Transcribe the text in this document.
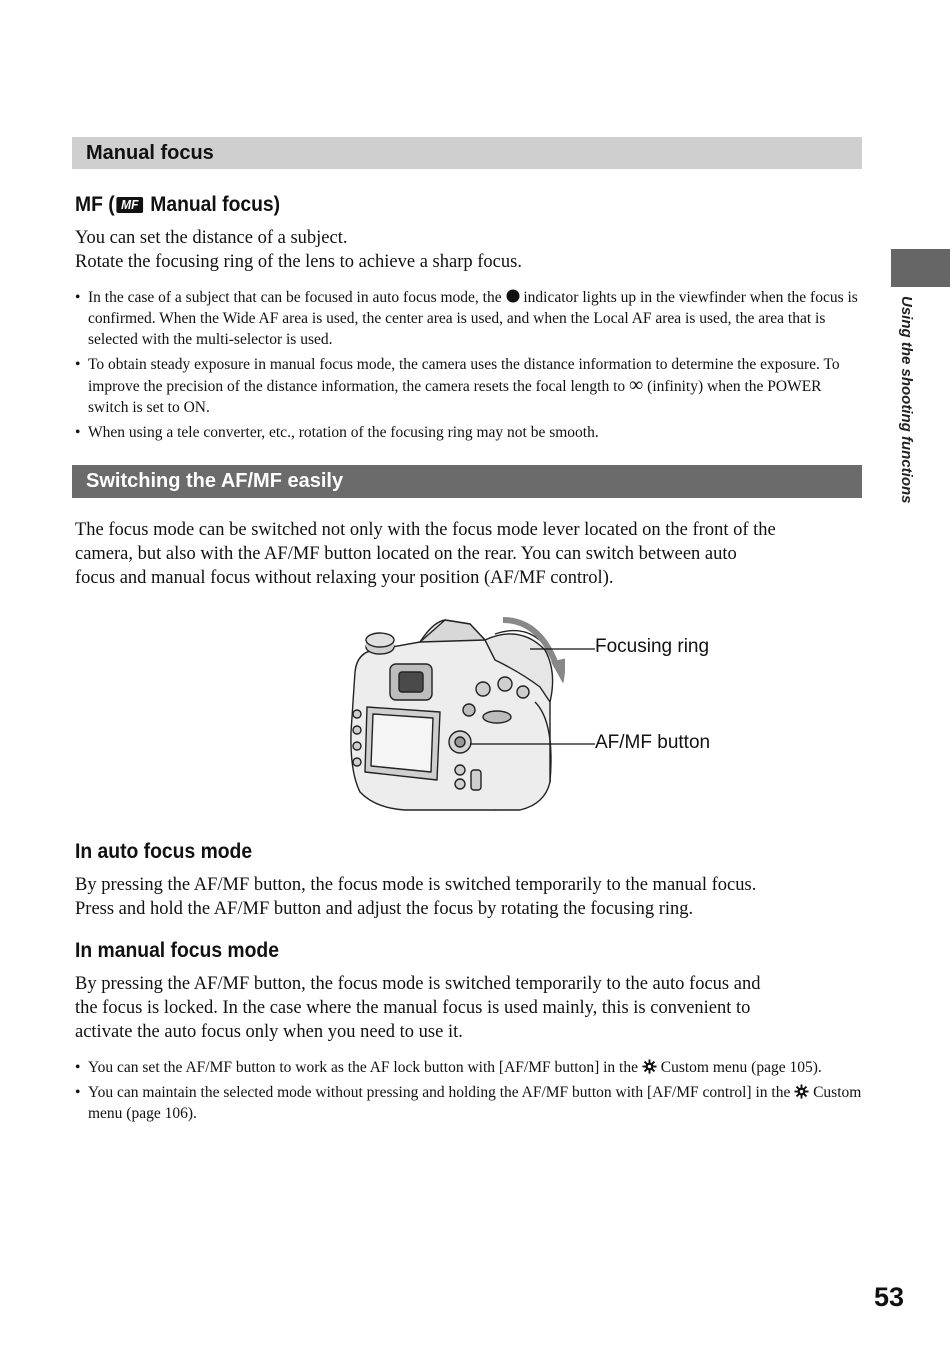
Manual focus
MF ( MF Manual focus)
You can set the distance of a subject.
Rotate the focusing ring of the lens to achieve a sharp focus.
• In the case of a subject that can be focused in auto focus mode, the  indicator lights up in the viewfinder when the focus is confirmed. When the Wide AF area is used, the center area is used, and when the Local AF area is used, the area that is selected with the multi-selector is used.
• To obtain steady exposure in manual focus mode, the camera uses the distance information to determine the exposure. To improve the precision of the distance information, the camera resets the focal length to ∞ (infinity) when the POWER switch is set to ON.
• When using a tele converter, etc., rotation of the focusing ring may not be smooth.
Switching the AF/MF easily
The focus mode can be switched not only with the focus mode lever located on the front of the
camera, but also with the AF/MF button located on the rear. You can switch between auto
focus and manual focus without relaxing your position (AF/MF control).
Focusing ring
AF/MF button
In auto focus mode
By pressing the AF/MF button, the focus mode is switched temporarily to the manual focus.
Press and hold the AF/MF button and adjust the focus by rotating the focusing ring.
In manual focus mode
By pressing the AF/MF button, the focus mode is switched temporarily to the auto focus and
the focus is locked. In the case where the manual focus is used mainly, this is convenient to
activate the auto focus only when you need to use it.
• You can set the AF/MF button to work as the AF lock button with [AF/MF button] in the  Custom menu (page 105).
• You can maintain the selected mode without pressing and holding the AF/MF button with [AF/MF control] in the  Custom menu (page 106).
Using the shooting functions
53
